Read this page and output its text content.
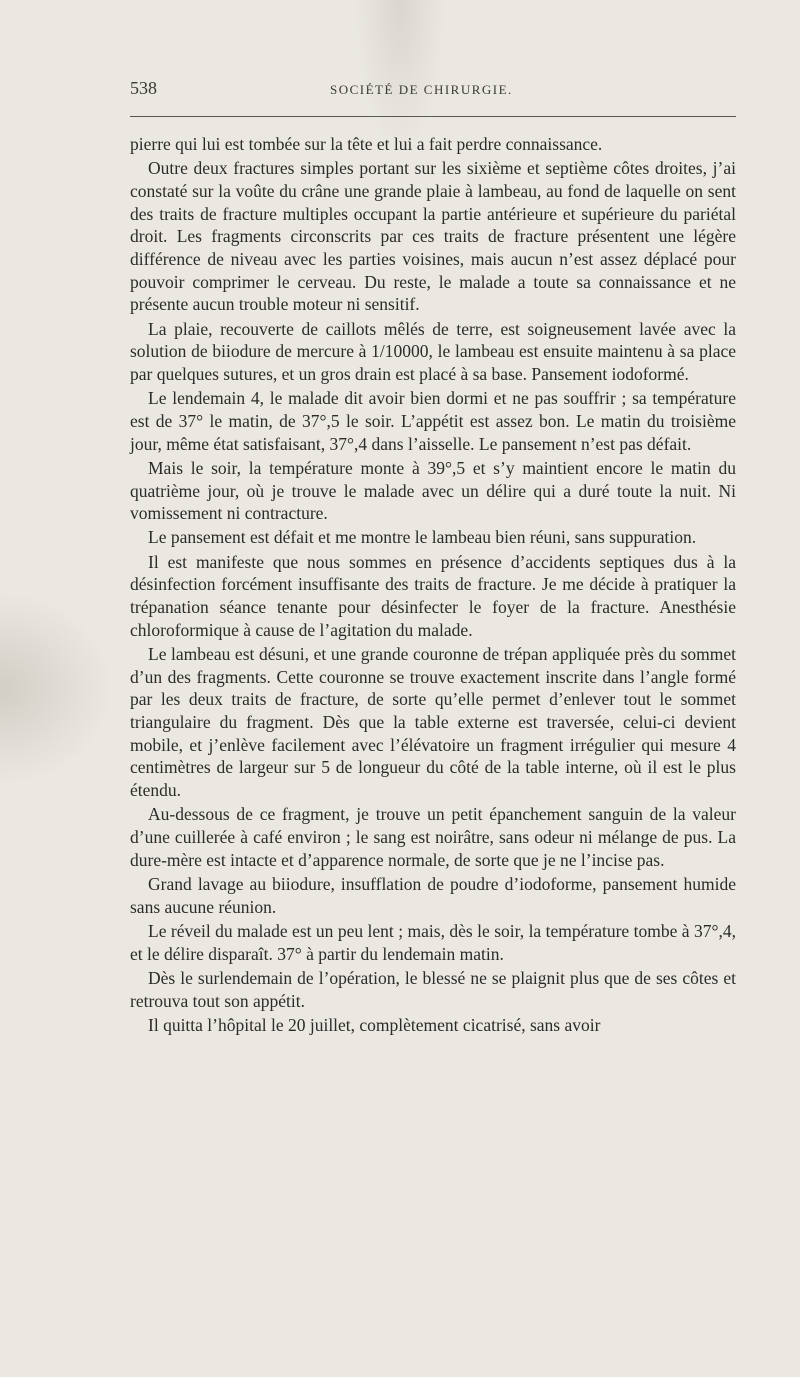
538	SOCIÉTÉ DE CHIRURGIE.

pierre qui lui est tombée sur la tête et lui a fait perdre connaissance.

Outre deux fractures simples portant sur les sixième et septième côtes droites, j’ai constaté sur la voûte du crâne une grande plaie à lambeau, au fond de laquelle on sent des traits de fracture multiples occupant la partie antérieure et supérieure du pariétal droit. Les fragments circonscrits par ces traits de fracture présentent une légère différence de niveau avec les parties voisines, mais aucun n’est assez déplacé pour pouvoir comprimer le cerveau. Du reste, le malade a toute sa connaissance et ne présente aucun trouble moteur ni sensitif.

La plaie, recouverte de caillots mêlés de terre, est soigneusement lavée avec la solution de biiodure de mercure à 1/10000, le lambeau est ensuite maintenu à sa place par quelques sutures, et un gros drain est placé à sa base. Pansement iodoformé.

Le lendemain 4, le malade dit avoir bien dormi et ne pas souffrir ; sa température est de 37° le matin, de 37°,5 le soir. L’appétit est assez bon. Le matin du troisième jour, même état satisfaisant, 37°,4 dans l’aisselle. Le pansement n’est pas défait.

Mais le soir, la température monte à 39°,5 et s’y maintient encore le matin du quatrième jour, où je trouve le malade avec un délire qui a duré toute la nuit. Ni vomissement ni contracture.

Le pansement est défait et me montre le lambeau bien réuni, sans suppuration.

Il est manifeste que nous sommes en présence d’accidents septiques dus à la désinfection forcément insuffisante des traits de fracture. Je me décide à pratiquer la trépanation séance tenante pour désinfecter le foyer de la fracture. Anesthésie chloroformique à cause de l’agitation du malade.

Le lambeau est désuni, et une grande couronne de trépan appliquée près du sommet d’un des fragments. Cette couronne se trouve exactement inscrite dans l’angle formé par les deux traits de fracture, de sorte qu’elle permet d’enlever tout le sommet triangulaire du fragment. Dès que la table externe est traversée, celui-ci devient mobile, et j’enlève facilement avec l’élévatoire un fragment irrégulier qui mesure 4 centimètres de largeur sur 5 de longueur du côté de la table interne, où il est le plus étendu.

Au-dessous de ce fragment, je trouve un petit épanchement sanguin de la valeur d’une cuillerée à café environ ; le sang est noirâtre, sans odeur ni mélange de pus. La dure-mère est intacte et d’apparence normale, de sorte que je ne l’incise pas.

Grand lavage au biiodure, insufflation de poudre d’iodoforme, pansement humide sans aucune réunion.

Le réveil du malade est un peu lent ; mais, dès le soir, la température tombe à 37°,4, et le délire disparaît. 37° à partir du lendemain matin.

Dès le surlendemain de l’opération, le blessé ne se plaignit plus que de ses côtes et retrouva tout son appétit.

Il quitta l’hôpital le 20 juillet, complètement cicatrisé, sans avoir
